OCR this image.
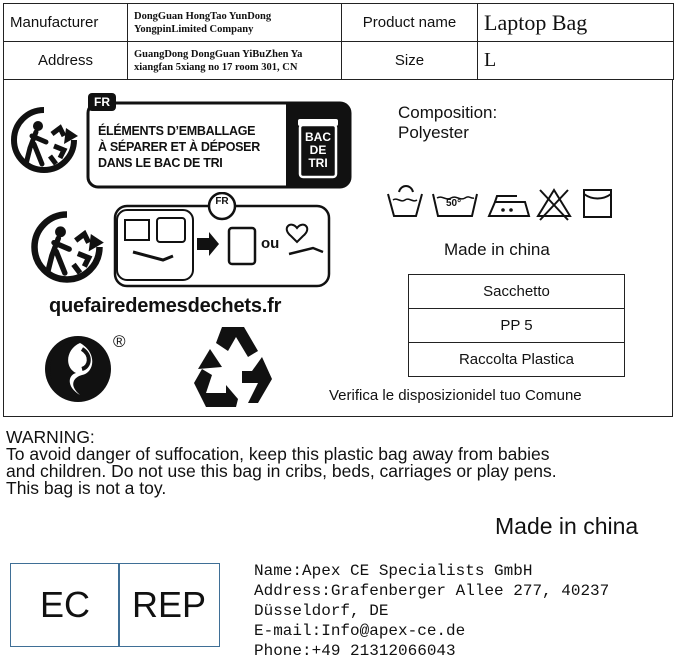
Manufacturer	DongGuan HongTao YunDong
YongpinLimited Company	Product name	Laptop Bag
Address	GuangDong DongGuan YiBuZhen Ya
xiangfan 5xiang no 17 room 301, CN	Size	L
FR
ÉLÉMENTS D’EMBALLAGE
À SÉPARER ET À DÉPOSER
DANS LE BAC DE TRI
BAC
DE
TRI
FR
ou
quefairedemesdechets.fr
®
Composition:
Polyester
50°
Made in china
Sacchetto
PP 5
Raccolta Plastica
Verifica le disposizionidel tuo Comune
WARNING:
To avoid danger of suffocation, keep this plastic bag away from babies
and children. Do not use this bag in cribs, beds, carriages or play pens.
This bag is not a toy.
Made in china
EC	REP
Name:Apex CE Specialists GmbH
Address:Grafenberger Allee 277, 40237
Düsseldorf, DE
E-mail:Info@apex-ce.de
Phone:+49 21312066043
